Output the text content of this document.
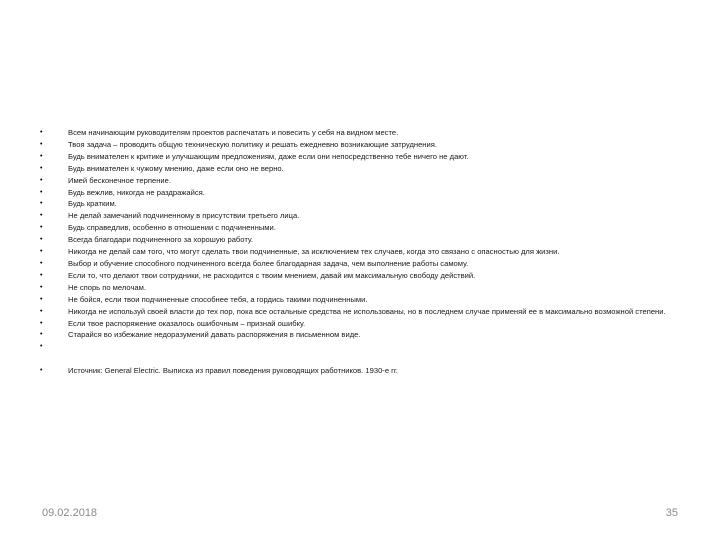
• Всем начинающим руководителям проектов распечатать и повесить у себя на видном месте.
• Твоя задача – проводить общую техническую политику и решать ежедневно возникающие затруднения.
• Будь внимателен к критике и улучшающим предложениям, даже если они непосредственно тебе ничего не дают.
• Будь внимателен к чужому мнению, даже если оно не верно.
• Имей бесконечное терпение.
• Будь вежлив, никогда не раздражайся.
• Будь кратким.
• Не делай замечаний подчиненному в присутствии третьего лица.
• Будь справедлив, особенно в отношении с подчиненными.
• Всегда благодари подчиненного за хорошую работу.
• Никогда не делай сам того, что могут сделать твои подчиненные, за исключением тех случаев, когда это связано с опасностью для жизни.
• Выбор и обучение способного подчиненного всегда более благодарная задача, чем выполнение работы самому.
• Если то, что делают твои сотрудники, не расходится с твоим мнением, давай им максимальную свободу действий.
• Не спорь по мелочам.
• Не бойся, если твои подчиненные способнее тебя, а гордись такими подчиненными.
• Никогда не используй своей власти до тех пор, пока все остальные средства не использованы, но в последнем случае применяй ее в максимально возможной степени.
• Если твое распоряжение оказалось ошибочным – признай ошибку.
• Старайся во избежание недоразумений давать распоряжения в письменном виде.
•
• Источник: General Electric. Выписка из правил поведения руководящих работников. 1930-е гг.
09.02.2018	35
